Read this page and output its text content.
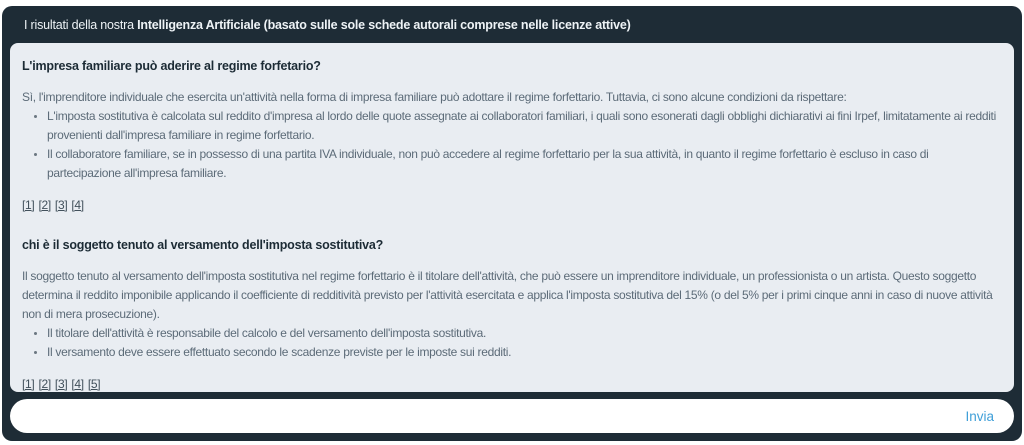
I risultati della nostra Intelligenza Artificiale (basato sulle sole schede autorali comprese nelle licenze attive)

L'impresa familiare può aderire al regime forfetario?

Sì, l'imprenditore individuale che esercita un'attività nella forma di impresa familiare può adottare il regime forfettario. Tuttavia, ci sono alcune condizioni da rispettare:

• L'imposta sostitutiva è calcolata sul reddito d'impresa al lordo delle quote assegnate ai collaboratori familiari, i quali sono esonerati dagli obblighi dichiarativi ai fini Irpef, limitatamente ai redditi provenienti dall'impresa familiare in regime forfettario.
• Il collaboratore familiare, se in possesso di una partita IVA individuale, non può accedere al regime forfettario per la sua attività, in quanto il regime forfettario è escluso in caso di partecipazione all'impresa familiare.
[1] [2] [3] [4]

chi è il soggetto tenuto al versamento dell'imposta sostitutiva?

Il soggetto tenuto al versamento dell'imposta sostitutiva nel regime forfettario è il titolare dell'attività, che può essere un imprenditore individuale, un professionista o un artista. Questo soggetto determina il reddito imponibile applicando il coefficiente di redditività previsto per l'attività esercitata e applica l'imposta sostitutiva del 15% (o del 5% per i primi cinque anni in caso di nuove attività non di mera prosecuzione).

• Il titolare dell'attività è responsabile del calcolo e del versamento dell'imposta sostitutiva.
• Il versamento deve essere effettuato secondo le scadenze previste per le imposte sui redditi.
[1] [2] [3] [4] [5]
Invia
